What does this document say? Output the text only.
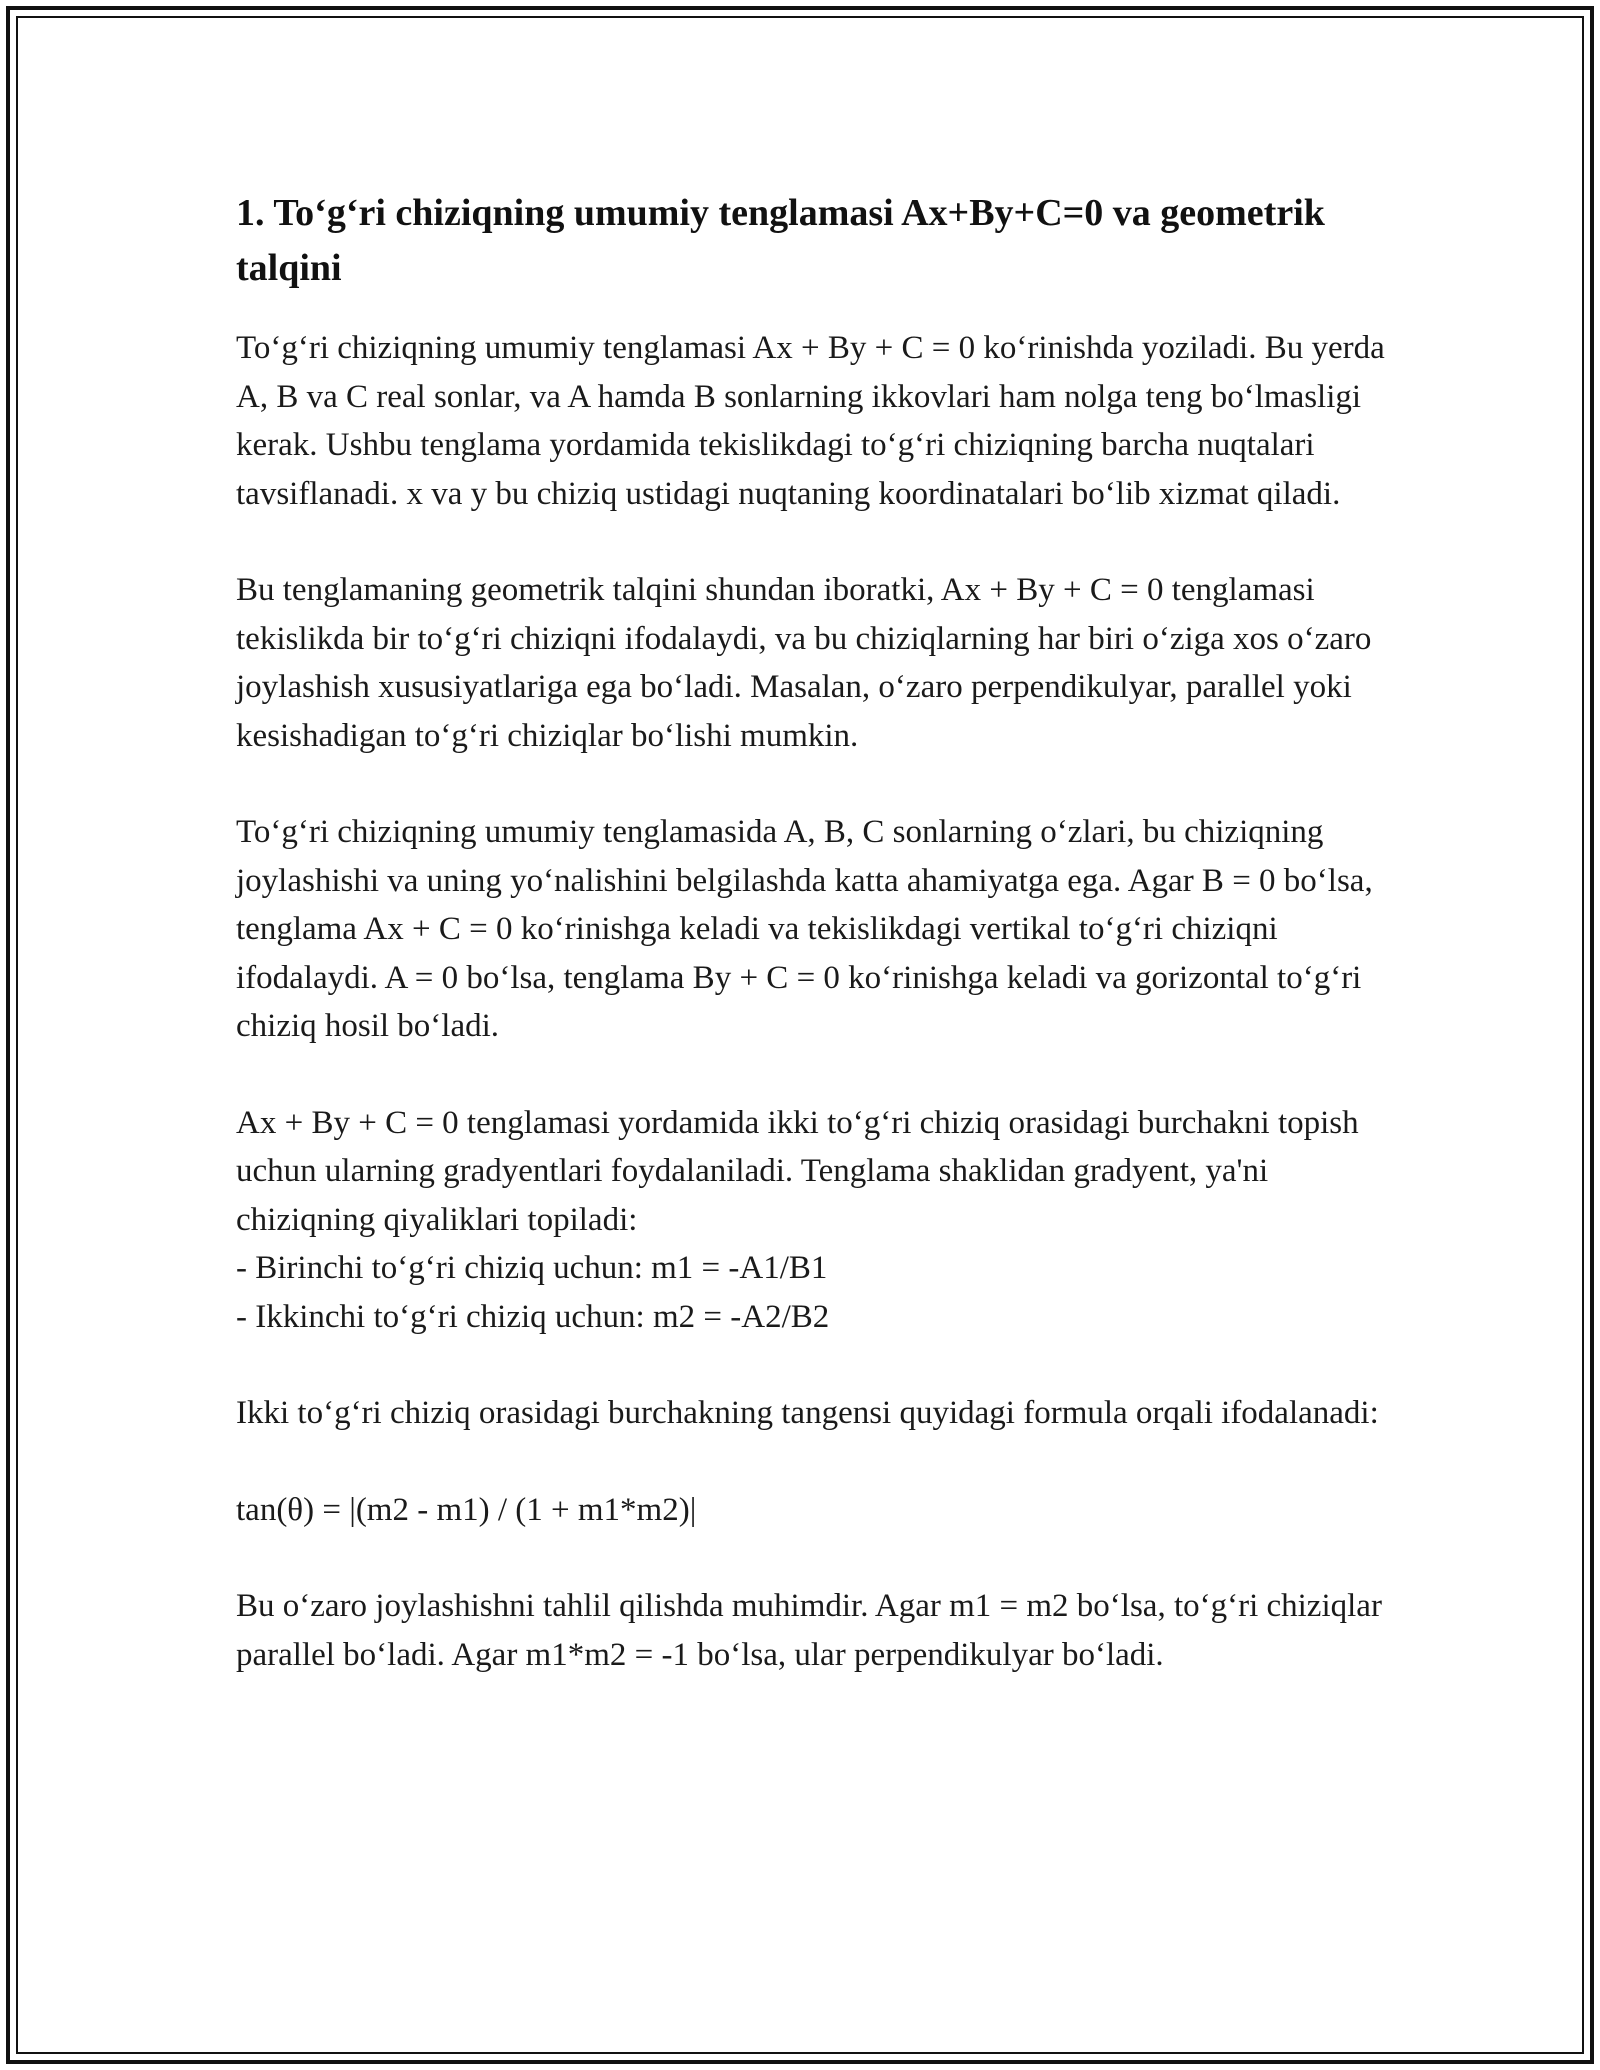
1. To‘g‘ri chiziqning umumiy tenglamasi Ax+By+C=0 va geometrik talqini

To‘g‘ri chiziqning umumiy tenglamasi Ax + By + C = 0 ko‘rinishda yoziladi. Bu yerda A, B va C real sonlar, va A hamda B sonlarning ikkovlari ham nolga teng bo‘lmasligi kerak. Ushbu tenglama yordamida tekislikdagi to‘g‘ri chiziqning barcha nuqtalari tavsiflanadi. x va y bu chiziq ustidagi nuqtaning koordinatalari bo‘lib xizmat qiladi.

Bu tenglamaning geometrik talqini shundan iboratki, Ax + By + C = 0 tenglamasi tekislikda bir to‘g‘ri chiziqni ifodalaydi, va bu chiziqlarning har biri o‘ziga xos o‘zaro joylashish xususiyatlariga ega bo‘ladi. Masalan, o‘zaro perpendikulyar, parallel yoki kesishadigan to‘g‘ri chiziqlar bo‘lishi mumkin.

To‘g‘ri chiziqning umumiy tenglamasida A, B, C sonlarning o‘zlari, bu chiziqning joylashishi va uning yo‘nalishini belgilashda katta ahamiyatga ega. Agar B = 0 bo‘lsa, tenglama Ax + C = 0 ko‘rinishga keladi va tekislikdagi vertikal to‘g‘ri chiziqni ifodalaydi. A = 0 bo‘lsa, tenglama By + C = 0 ko‘rinishga keladi va gorizontal to‘g‘ri chiziq hosil bo‘ladi.

Ax + By + C = 0 tenglamasi yordamida ikki to‘g‘ri chiziq orasidagi burchakni topish uchun ularning gradyentlari foydalaniladi. Tenglama shaklidan gradyent, ya'ni chiziqning qiyaliklari topiladi:
- Birinchi to‘g‘ri chiziq uchun: m1 = -A1/B1
- Ikkinchi to‘g‘ri chiziq uchun: m2 = -A2/B2

Ikki to‘g‘ri chiziq orasidagi burchakning tangensi quyidagi formula orqali ifodalanadi:

tan(θ) = |(m2 - m1) / (1 + m1*m2)|

Bu o‘zaro joylashishni tahlil qilishda muhimdir. Agar m1 = m2 bo‘lsa, to‘g‘ri chiziqlar parallel bo‘ladi. Agar m1*m2 = -1 bo‘lsa, ular perpendikulyar bo‘ladi.
